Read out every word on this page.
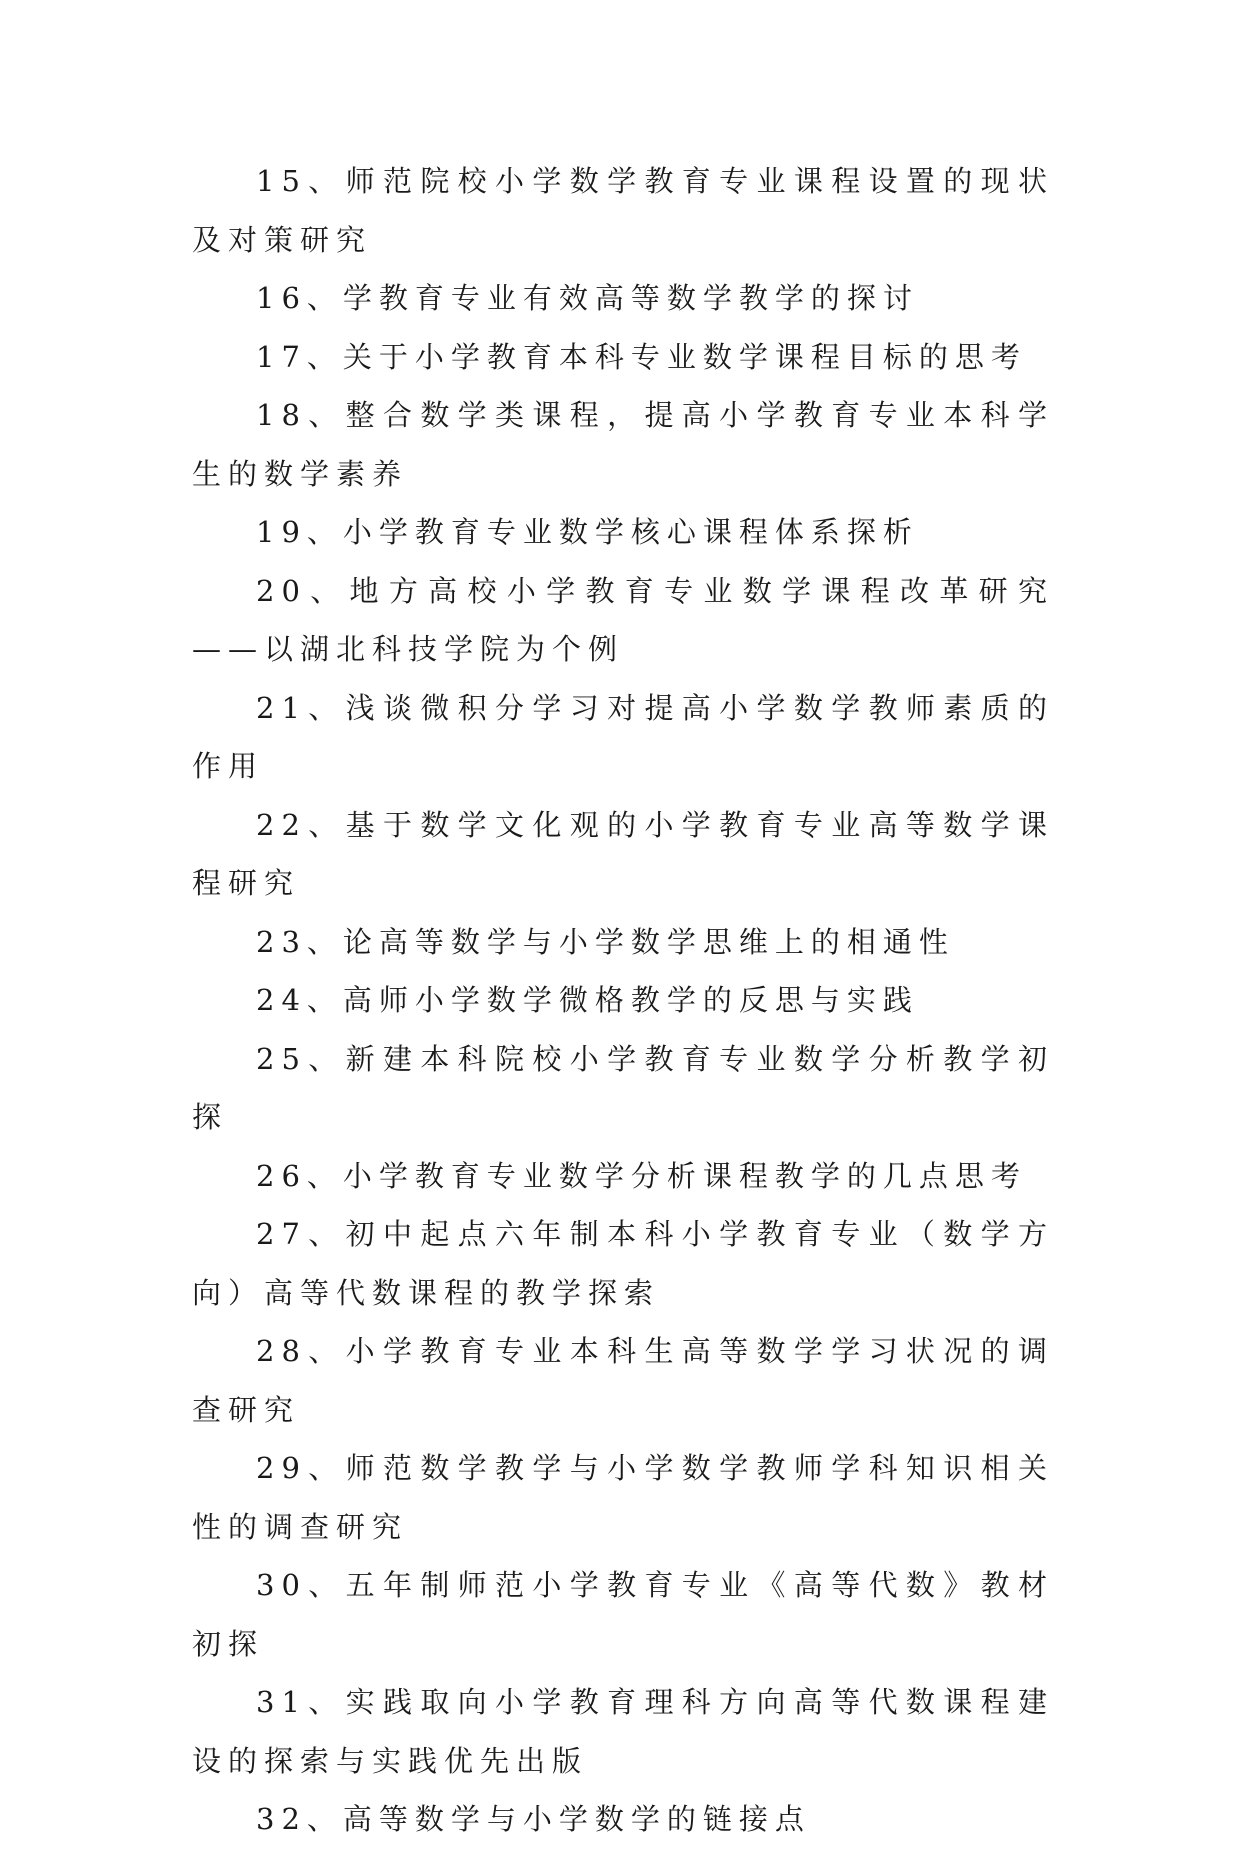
15、师范院校小学数学教育专业课程设置的现状及对策研究

16、学教育专业有效高等数学教学的探讨

17、关于小学教育本科专业数学课程目标的思考

18、整合数学类课程，提高小学教育专业本科学生的数学素养

19、小学教育专业数学核心课程体系探析

20、地方高校小学教育专业数学课程改革研究——以湖北科技学院为个例

21、浅谈微积分学习对提高小学数学教师素质的作用

22、基于数学文化观的小学教育专业高等数学课程研究

23、论高等数学与小学数学思维上的相通性

24、高师小学数学微格教学的反思与实践

25、新建本科院校小学教育专业数学分析教学初探

26、小学教育专业数学分析课程教学的几点思考

27、初中起点六年制本科小学教育专业（数学方向）高等代数课程的教学探索

28、小学教育专业本科生高等数学学习状况的调查研究

29、师范数学教学与小学数学教师学科知识相关性的调查研究

30、五年制师范小学教育专业《高等代数》教材初探

31、实践取向小学教育理科方向高等代数课程建设的探索与实践优先出版

32、高等数学与小学数学的链接点
